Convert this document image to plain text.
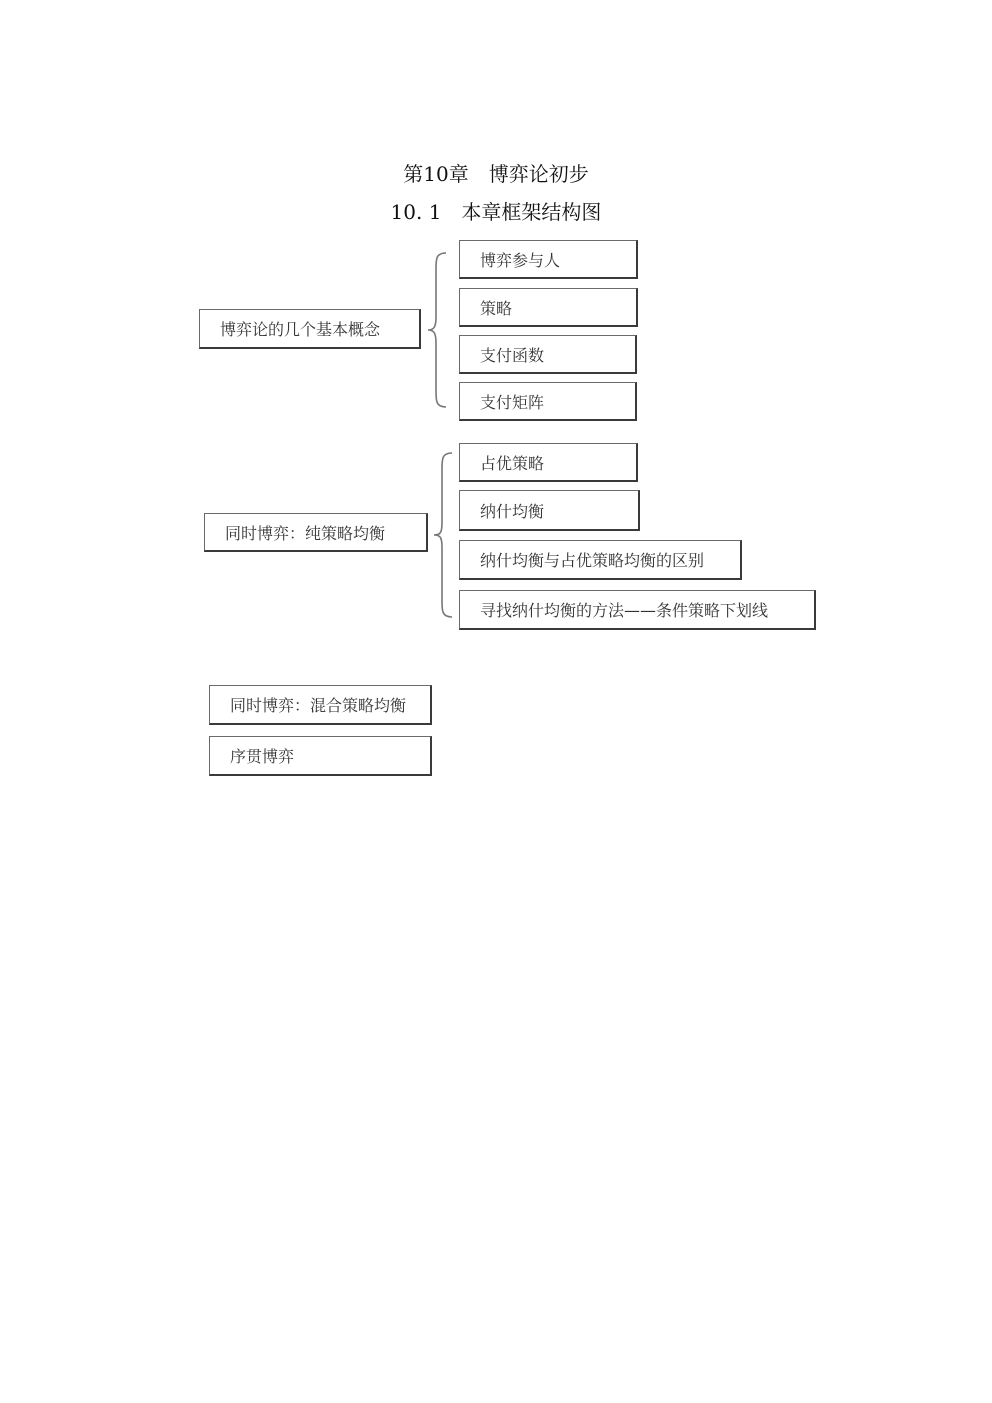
第10章　博弈论初步
10. 1　本章框架结构图
博弈论的几个基本概念
博弈参与人
策略
支付函数
支付矩阵
同时博弈：纯策略均衡
占优策略
纳什均衡
纳什均衡与占优策略均衡的区别
寻找纳什均衡的方法——条件策略下划线
同时博弈：混合策略均衡
序贯博弈
